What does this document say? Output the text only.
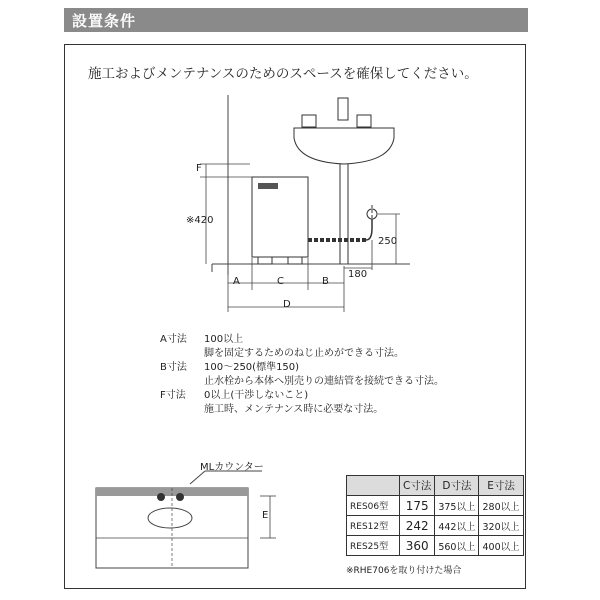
設置条件
施工およびメンテナンスのためのスペースを確保してください。
F
※420
A	C	B
D
180
250
E
MLカウンター
A寸法 100以上
脚を固定するためのねじ止めができる寸法。
B寸法 100～250(標準150)
止水栓から本体へ別売りの連結管を接続できる寸法。
F寸法 0以上(干渉しないこと)
施工時、メンテナンス時に必要な寸法。
	C寸法	D寸法	E寸法
RES06型	175	375以上	280以上
RES12型	242	442以上	320以上
RES25型	360	560以上	400以上
※RHE706を取り付けた場合
